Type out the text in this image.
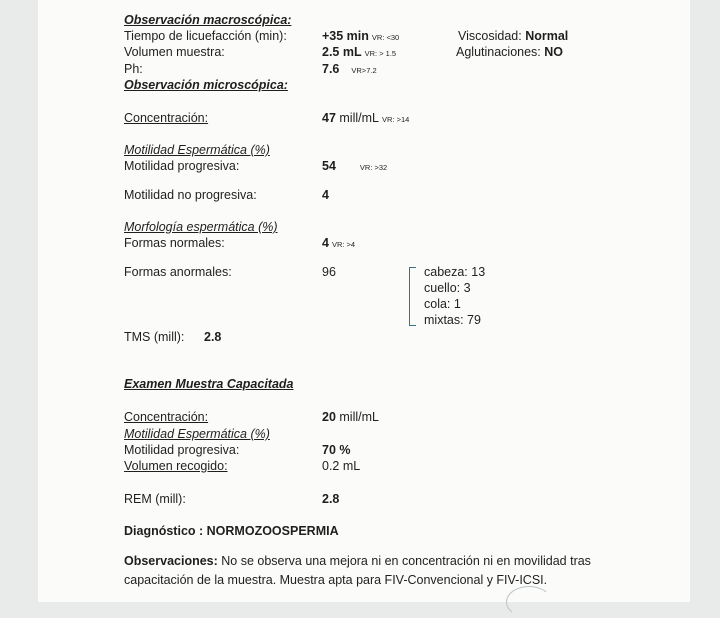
Observación macroscópica:
Tiempo de licuefacción (min):	+35 min VR: <30	Viscosidad: Normal
Volumen muestra:	2.5 mL VR: > 1.5	Aglutinaciones: NO
Ph:	7.6 VR>7.2
Observación microscópica:
Concentración:	47 mill/mL VR: >14
Motilidad Espermática (%)
Motilidad progresiva:	54	VR: >32
Motilidad no progresiva:	4
Morfología espermática (%)
Formas normales:	4 VR: >4
Formas anormales:	96	cabeza: 13
cuello: 3
cola: 1
mixtas: 79
TMS (mill): 2.8
Examen Muestra Capacitada
Concentración:	20 mill/mL
Motilidad Espermática (%)
Motilidad progresiva:	70 %
Volumen recogido:	0.2 mL
REM (mill):	2.8
Diagnóstico : NORMOZOOSPERMIA
Observaciones: No se observa una mejora ni en concentración ni en movilidad tras
capacitación de la muestra. Muestra apta para FIV-Convencional y FIV-ICSI.
